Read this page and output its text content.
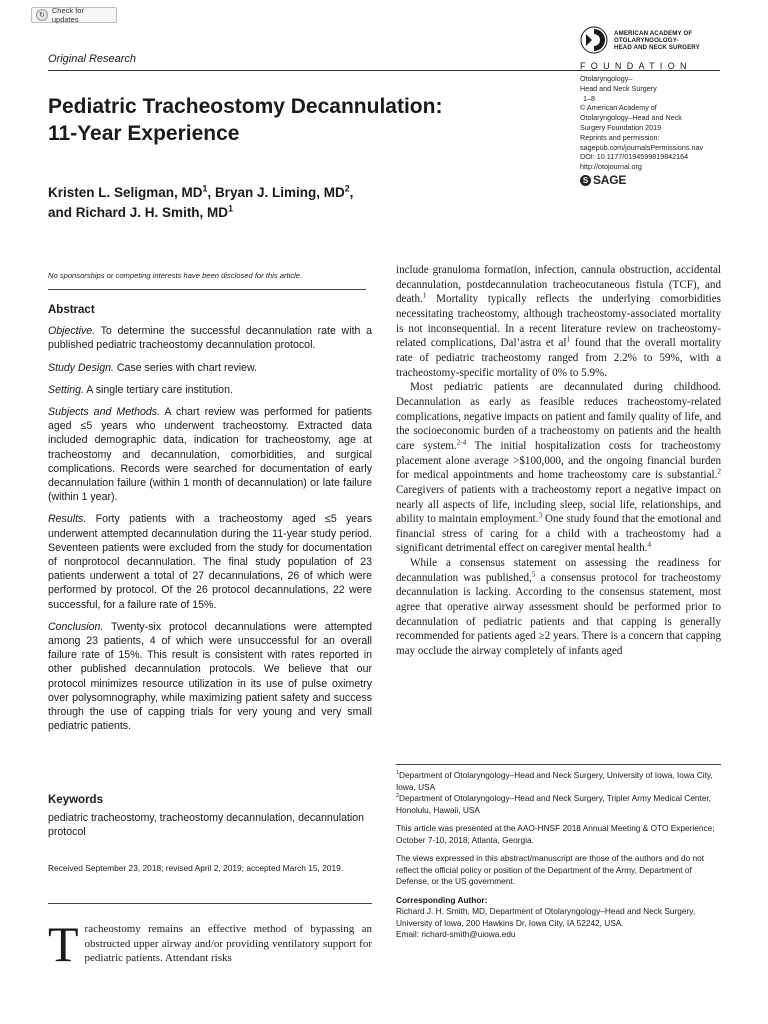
↻
Check for updates
Original Research
AMERICAN ACADEMY OF
OTOLARYNGOLOGY-
HEAD AND NECK SURGERY
FOUNDATION
Otolaryngology–
Head and Neck Surgery
1–8
© American Academy of
Otolaryngology–Head and Neck
Surgery Foundation 2019
Reprints and permission:
sagepub.com/journalsPermissions.nav
DOI: 10.1177/0194599819842164
http://otojournal.org
S SAGE
Pediatric Tracheostomy Decannulation:
11-Year Experience
Kristen L. Seligman, $MD^1$, Bryan J. Liming, $MD^2$,
and Richard J. H. Smith, $MD^1$
No sponsorships or competing interests have been disclosed for this article.
Abstract

Objective. To determine the successful decannulation rate with a published pediatric tracheostomy decannulation protocol.

Study Design. Case series with chart review.

Setting. A single tertiary care institution.

Subjects and Methods. A chart review was performed for patients aged ≤5 years who underwent tracheostomy. Extracted data included demographic data, indication for tracheostomy, age at tracheostomy and decannulation, comorbidities, and surgical complications. Records were searched for documentation of early decannulation failure (within 1 month of decannulation) or late failure (within 1 year).

Results. Forty patients with a tracheostomy aged ≤5 years underwent attempted decannulation during the 11-year study period. Seventeen patients were excluded from the study for documentation of nonprotocol decannulation. The final study population of 23 patients underwent a total of 27 decannulations, 26 of which were performed by protocol. Of the 26 protocol decannulations, 22 were successful, for a failure rate of 15%.

Conclusion. Twenty-six protocol decannulations were attempted among 23 patients, 4 of which were unsuccessful for an overall failure rate of 15%. This result is consistent with rates reported in other published decannulation protocols. We believe that our protocol minimizes resource utilization in its use of pulse oximetry over polysomnography, while maximizing patient safety and success through the use of capping trials for very young and very small pediatric patients.

Keywords

pediatric tracheostomy, tracheostomy decannulation, decannulation protocol

Received September 23, 2018; revised April 2, 2019; accepted March 15, 2019.
Tracheostomy remains an effective method of bypassing an obstructed upper airway and/or providing ventilatory support for pediatric patients. Attendant risks

include granuloma formation, infection, cannula obstruction, accidental decannulation, postdecannulation tracheocutaneous fistula (TCF), and death.$^1$ Mortality typically reflects the underlying comorbidities necessitating tracheostomy, although tracheostomy-associated mortality is not inconsequential. In a recent literature review on tracheostomy-related complications, Dal’astra et $al^1$ found that the overall mortality rate of pediatric tracheostomy ranged from 2.2% to 59%, with a tracheostomy-specific mortality of 0% to 5.9%.

Most pediatric patients are decannulated during childhood. Decannulation as early as feasible reduces tracheostomy-related complications, negative impacts on patient and family quality of life, and the socioeconomic burden of a tracheostomy on patients and the health care system.$^{2-4}$ The initial hospitalization costs for tracheostomy placement alone average >$100,000, and the ongoing financial burden for medical appointments and home tracheostomy care is substantial.$^2$ Caregivers of patients with a tracheostomy report a negative impact on nearly all aspects of life, including sleep, social life, relationships, and ability to maintain employment.$^3$ One study found that the emotional and financial stress of caring for a child with a tracheostomy had a significant detrimental effect on caregiver mental health.$^4$

While a consensus statement on assessing the readiness for decannulation was published,$^5$ a consensus protocol for tracheostomy decannulation is lacking. According to the consensus statement, most agree that operative airway assessment should be performed prior to decannulation of pediatric patients and that capping is generally recommended for patients aged ≥2 years. There is a concern that capping may occlude the airway completely of infants aged

$^1$Department of Otolaryngology–Head and Neck Surgery, University of Iowa, Iowa City, Iowa, USA
$^2$Department of Otolaryngology–Head and Neck Surgery, Tripler Army Medical Center, Honolulu, Hawaii, USA

This article was presented at the AAO-HNSF 2018 Annual Meeting & OTO Experience; October 7-10, 2018; Atlanta, Georgia.

The views expressed in this abstract/manuscript are those of the authors and do not reflect the official policy or position of the Department of the Army, Department of Defense, or the US government.

Corresponding Author:
Richard J. H. Smith, MD, Department of Otolaryngology–Head and Neck Surgery, University of Iowa, 200 Hawkins Dr, Iowa City, IA 52242, USA.
Email: richard-smith@uiowa.edu
